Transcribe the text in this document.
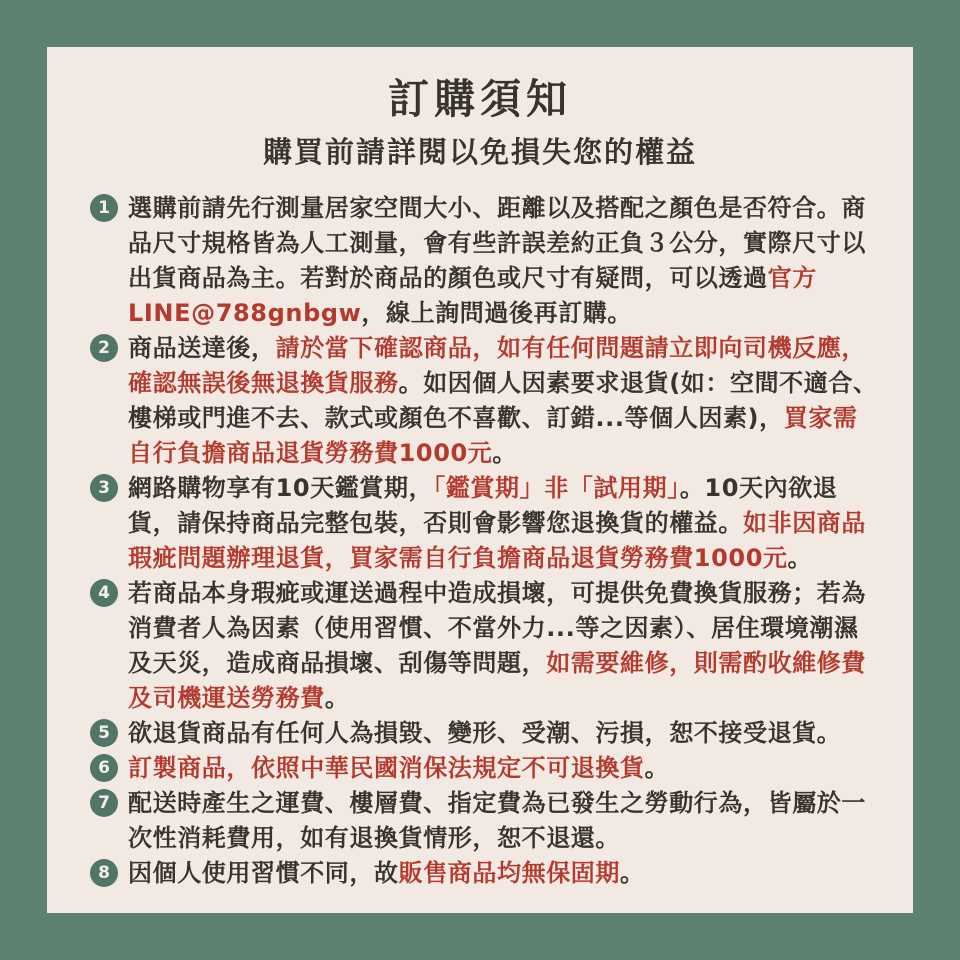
訂購須知
購買前請詳閱以免損失您的權益
1 選購前請先行測量居家空間大小、距離以及搭配之顏色是否符合。商品尺寸規格皆為人工測量，會有些許誤差約正負３公分，實際尺寸以出貨商品為主。若對於商品的顏色或尺寸有疑問，可以透過官方LINE@788gnbgw，線上詢問過後再訂購。

2 商品送達後，請於當下確認商品，如有任何問題請立即向司機反應，確認無誤後無退換貨服務。如因個人因素要求退貨(如：空間不適合、樓梯或門進不去、款式或顏色不喜歡、訂錯...等個人因素)，買家需自行負擔商品退貨勞務費1000元。

3 網路購物享有10天鑑賞期，「鑑賞期」非「試用期」。10天內欲退貨，請保持商品完整包裝，否則會影響您退換貨的權益。如非因商品瑕疵問題辦理退貨，買家需自行負擔商品退貨勞務費1000元。

4 若商品本身瑕疵或運送過程中造成損壞，可提供免費換貨服務；若為消費者人為因素（使用習慣、不當外力...等之因素）、居住環境潮濕及天災，造成商品損壞、刮傷等問題，如需要維修，則需酌收維修費及司機運送勞務費。

5 欲退貨商品有任何人為損毀、變形、受潮、污損，恕不接受退貨。

6 訂製商品，依照中華民國消保法規定不可退換貨。

7 配送時產生之運費、樓層費、指定費為已發生之勞動行為，皆屬於一次性消耗費用，如有退換貨情形，恕不退還。

8 因個人使用習慣不同，故販售商品均無保固期。
